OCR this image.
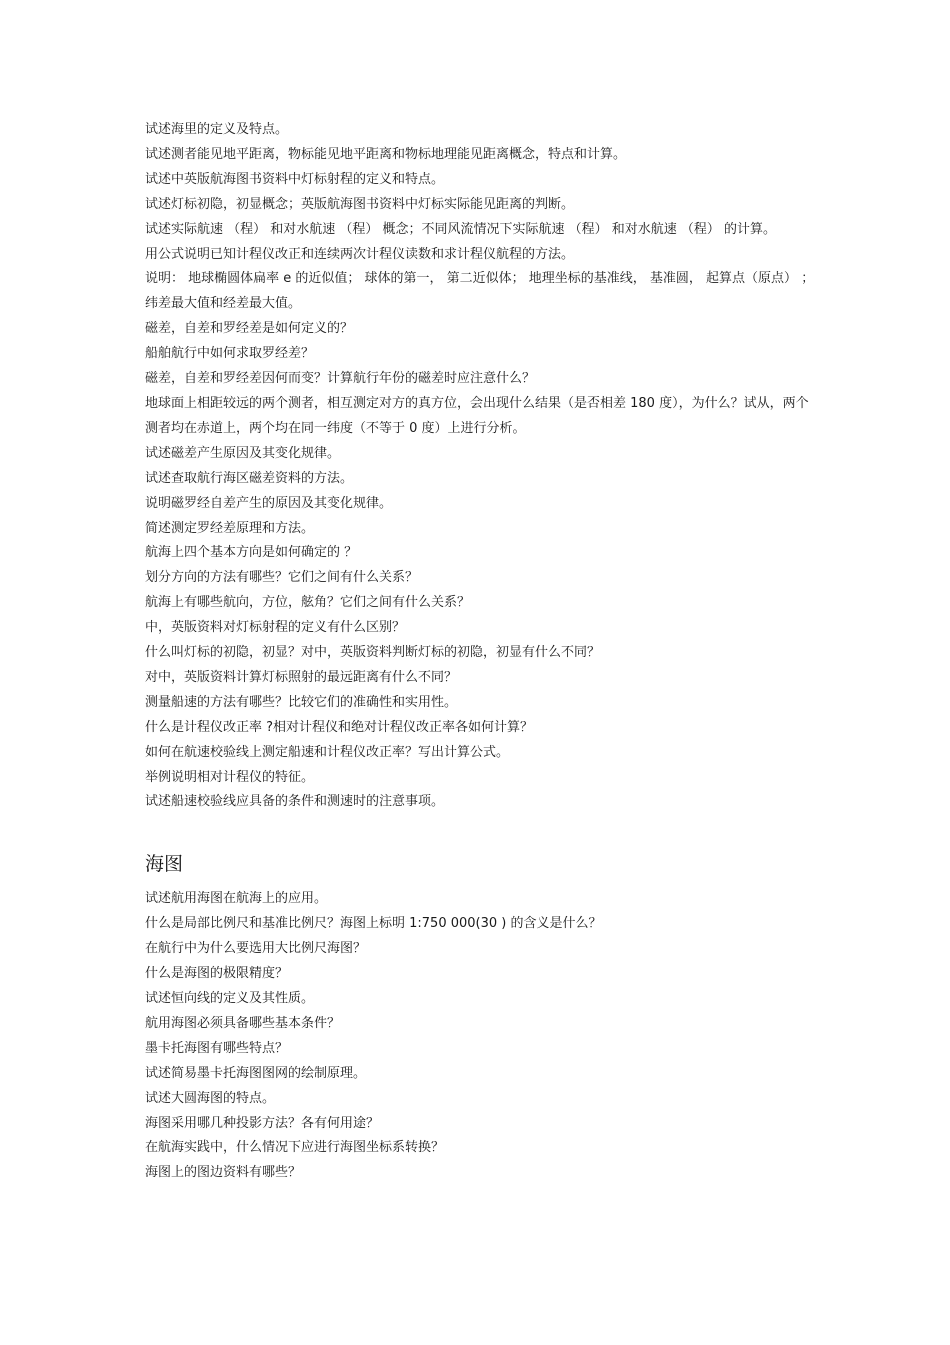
试述海里的定义及特点。

试述测者能见地平距离，物标能见地平距离和物标地理能见距离概念，特点和计算。

试述中英版航海图书资料中灯标射程的定义和特点。

试述灯标初隐，初显概念；英版航海图书资料中灯标实际能见距离的判断。

试述实际航速 （程） 和对水航速 （程） 概念；不同风流情况下实际航速 （程） 和对水航速 （程） 的计算。

用公式说明已知计程仪改正和连续两次计程仪读数和求计程仪航程的方法。

说明： 地球椭圆体扁率 e 的近似值； 球体的第一， 第二近似体； 地理坐标的基准线， 基准圆， 起算点（原点） ；纬差最大值和经差最大值。

磁差，自差和罗经差是如何定义的？

船舶航行中如何求取罗经差？

磁差，自差和罗经差因何而变？计算航行年份的磁差时应注意什么？

地球面上相距较远的两个测者，相互测定对方的真方位，会出现什么结果（是否相差 180 度），为什么？试从，两个测者均在赤道上，两个均在同一纬度（不等于 0 度）上进行分析。

试述磁差产生原因及其变化规律。

试述查取航行海区磁差资料的方法。

说明磁罗经自差产生的原因及其变化规律。

简述测定罗经差原理和方法。

航海上四个基本方向是如何确定的 ？

划分方向的方法有哪些？它们之间有什么关系？

航海上有哪些航向，方位，舷角？它们之间有什么关系？

中，英版资料对灯标射程的定义有什么区别？

什么叫灯标的初隐，初显？对中，英版资料判断灯标的初隐，初显有什么不同？

对中，英版资料计算灯标照射的最远距离有什么不同？

测量船速的方法有哪些？比较它们的准确性和实用性。

什么是计程仪改正率 ?相对计程仪和绝对计程仪改正率各如何计算？

如何在航速校验线上测定船速和计程仪改正率？写出计算公式。

举例说明相对计程仪的特征。

试述船速校验线应具备的条件和测速时的注意事项。

海图

试述航用海图在航海上的应用。

什么是局部比例尺和基准比例尺？海图上标明 1:750 000(30 ) 的含义是什么？

在航行中为什么要选用大比例尺海图？

什么是海图的极限精度？

试述恒向线的定义及其性质。

航用海图必须具备哪些基本条件？

墨卡托海图有哪些特点？

试述简易墨卡托海图图网的绘制原理。

试述大圆海图的特点。

海图采用哪几种投影方法？各有何用途？

在航海实践中，什么情况下应进行海图坐标系转换？

海图上的图边资料有哪些？
